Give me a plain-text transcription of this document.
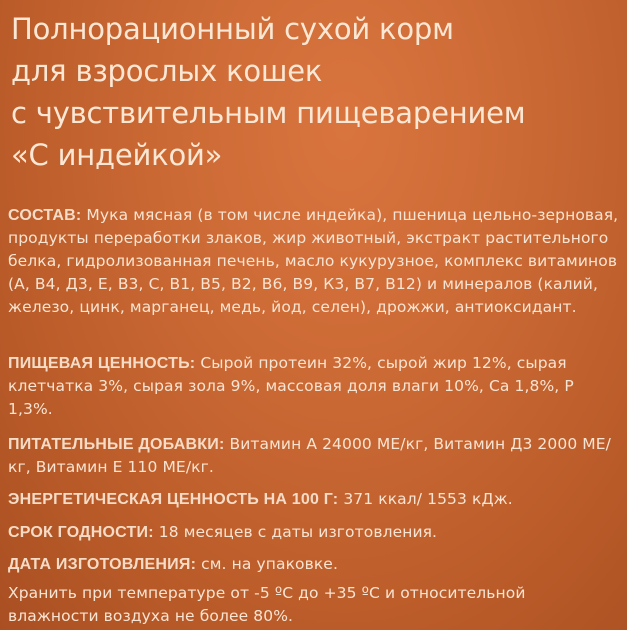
Полнорационный сухой корм
для взрослых кошек
с чувствительным пищеварением
«С индейкой»
СОСТАВ: Мука мясная (в том числе индейка), пшеница цельно-зерновая, продукты переработки злаков, жир животный, экстракт растительного белка, гидролизованная печень, масло кукурузное, комплекс витаминов (А, В4, Д3, Е, В3, С, В1, В5, В2, В6, В9, К3, В7, В12) и минералов (калий, железо, цинк, марганец, медь, йод, селен), дрожжи, антиоксидант.
ПИЩЕВАЯ ЦЕННОСТЬ: Сырой протеин 32%, сырой жир 12%, сырая клетчатка 3%, сырая зола 9%, массовая доля влаги 10%, Са 1,8%, Р 1,3%.
ПИТАТЕЛЬНЫЕ ДОБАВКИ: Витамин А 24000 МЕ/кг, Витамин Д3 2000 МЕ/кг, Витамин Е 110 МЕ/кг.
ЭНЕРГЕТИЧЕСКАЯ ЦЕННОСТЬ НА 100 Г: 371 ккал/ 1553 кДж.
СРОК ГОДНОСТИ: 18 месяцев с даты изготовления.
ДАТА ИЗГОТОВЛЕНИЯ: см. на упаковке.
Хранить при температуре от -5 ºС до +35 ºС и относительной влажности воздуха не более 80%.
